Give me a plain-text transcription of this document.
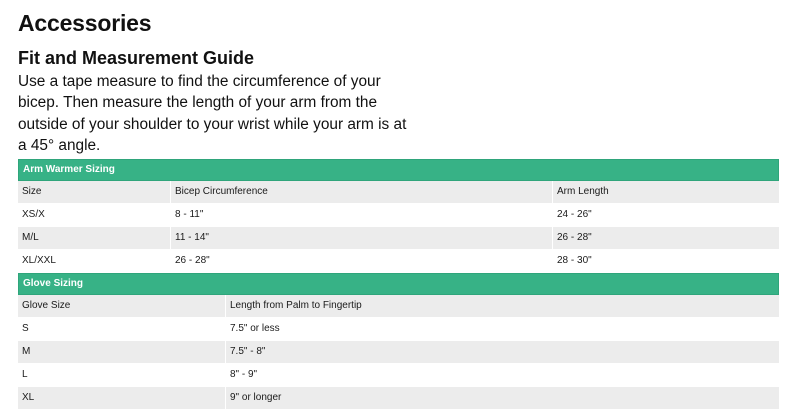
Accessories
Fit and Measurement Guide

Use a tape measure to find the circumference of your bicep. Then measure the length of your arm from the outside of your shoulder to your wrist while your arm is at a 45° angle.

Arm Warmer Sizing		
Size	Bicep Circumference	Arm Length
XS/X	8 - 11"	24 - 26"
M/L	11 - 14"	26 - 28"
XL/XXL	26 - 28"	28 - 30"
Glove Sizing	
Glove Size	Length from Palm to Fingertip
S	7.5" or less
M	7.5" - 8"
L	8" - 9"
XL	9" or longer
